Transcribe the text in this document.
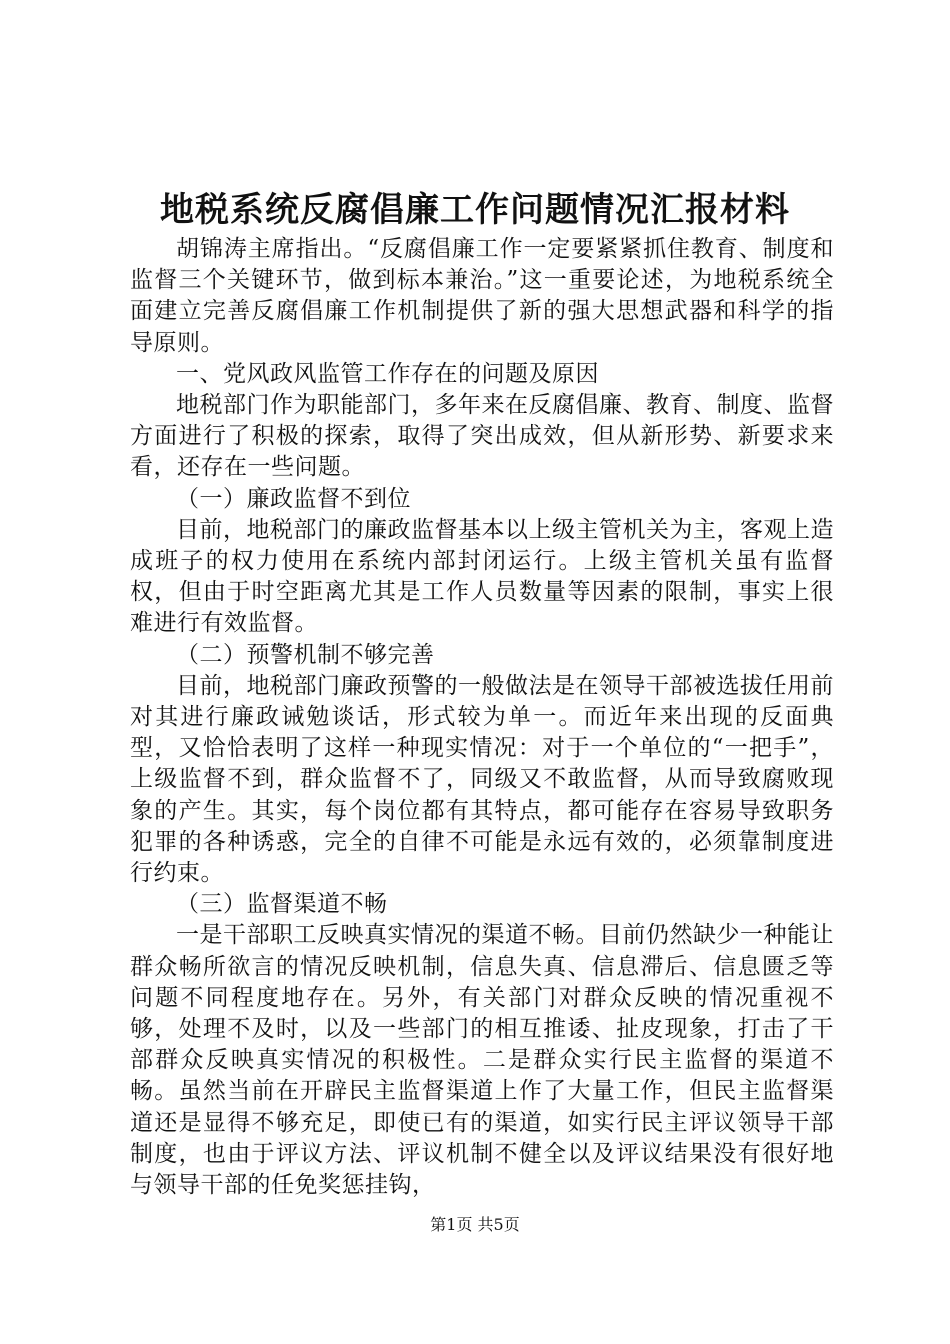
地税系统反腐倡廉工作问题情况汇报材料

胡锦涛主席指出。“反腐倡廉工作一定要紧紧抓住教育、制度和监督三个关键环节，做到标本兼治。”这一重要论述，为地税系统全面建立完善反腐倡廉工作机制提供了新的强大思想武器和科学的指导原则。

一、党风政风监管工作存在的问题及原因

地税部门作为职能部门，多年来在反腐倡廉、教育、制度、监督方面进行了积极的探索，取得了突出成效，但从新形势、新要求来看，还存在一些问题。

（一）廉政监督不到位

目前，地税部门的廉政监督基本以上级主管机关为主，客观上造成班子的权力使用在系统内部封闭运行。上级主管机关虽有监督权，但由于时空距离尤其是工作人员数量等因素的限制，事实上很难进行有效监督。

（二）预警机制不够完善

目前，地税部门廉政预警的一般做法是在领导干部被选拔任用前对其进行廉政诫勉谈话，形式较为单一。而近年来出现的反面典型，又恰恰表明了这样一种现实情况：对于一个单位的“一把手”，上级监督不到，群众监督不了，同级又不敢监督，从而导致腐败现象的产生。其实，每个岗位都有其特点，都可能存在容易导致职务犯罪的各种诱惑，完全的自律不可能是永远有效的，必须靠制度进行约束。

（三）监督渠道不畅

一是干部职工反映真实情况的渠道不畅。目前仍然缺少一种能让群众畅所欲言的情况反映机制，信息失真、信息滞后、信息匮乏等问题不同程度地存在。另外，有关部门对群众反映的情况重视不够，处理不及时，以及一些部门的相互推诿、扯皮现象，打击了干部群众反映真实情况的积极性。二是群众实行民主监督的渠道不畅。虽然当前在开辟民主监督渠道上作了大量工作，但民主监督渠道还是显得不够充足，即使已有的渠道，如实行民主评议领导干部制度，也由于评议方法、评议机制不健全以及评议结果没有很好地与领导干部的任免奖惩挂钩，

第1页 共5页
